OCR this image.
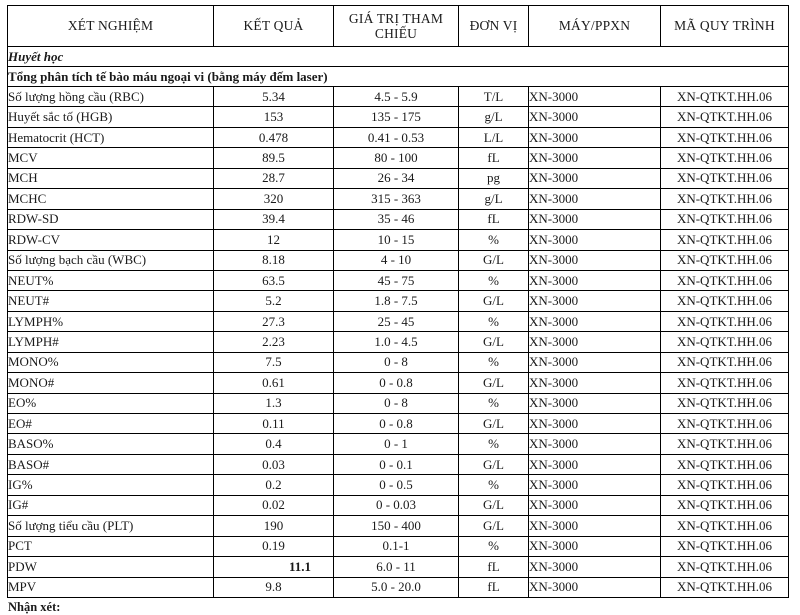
XÉT NGHIỆM	KẾT QUẢ	GIÁ TRỊ THAM CHIẾU	ĐƠN VỊ	MÁY/PPXN	MÃ QUY TRÌNH
Huyết học					
Tổng phân tích tế bào máu ngoại vi (bằng máy đếm laser)					
Số lượng hồng cầu (RBC)	5.34	4.5 - 5.9	T/L	XN-3000	XN-QTKT.HH.06
Huyết sắc tố (HGB)	153	135 - 175	g/L	XN-3000	XN-QTKT.HH.06
Hematocrit (HCT)	0.478	0.41 - 0.53	L/L	XN-3000	XN-QTKT.HH.06
MCV	89.5	80 - 100	fL	XN-3000	XN-QTKT.HH.06
MCH	28.7	26 - 34	pg	XN-3000	XN-QTKT.HH.06
MCHC	320	315 - 363	g/L	XN-3000	XN-QTKT.HH.06
RDW-SD	39.4	35 - 46	fL	XN-3000	XN-QTKT.HH.06
RDW-CV	12	10 - 15	%	XN-3000	XN-QTKT.HH.06
Số lượng bạch cầu (WBC)	8.18	4 - 10	G/L	XN-3000	XN-QTKT.HH.06
NEUT%	63.5	45 - 75	%	XN-3000	XN-QTKT.HH.06
NEUT#	5.2	1.8 - 7.5	G/L	XN-3000	XN-QTKT.HH.06
LYMPH%	27.3	25 - 45	%	XN-3000	XN-QTKT.HH.06
LYMPH#	2.23	1.0 - 4.5	G/L	XN-3000	XN-QTKT.HH.06
MONO%	7.5	0 - 8	%	XN-3000	XN-QTKT.HH.06
MONO#	0.61	0 - 0.8	G/L	XN-3000	XN-QTKT.HH.06
EO%	1.3	0 - 8	%	XN-3000	XN-QTKT.HH.06
EO#	0.11	0 - 0.8	G/L	XN-3000	XN-QTKT.HH.06
BASO%	0.4	0 - 1	%	XN-3000	XN-QTKT.HH.06
BASO#	0.03	0 - 0.1	G/L	XN-3000	XN-QTKT.HH.06
IG%	0.2	0 - 0.5	%	XN-3000	XN-QTKT.HH.06
IG#	0.02	0 - 0.03	G/L	XN-3000	XN-QTKT.HH.06
Số lượng tiểu cầu (PLT)	190	150 - 400	G/L	XN-3000	XN-QTKT.HH.06
PCT	0.19	0.1-1	%	XN-3000	XN-QTKT.HH.06
PDW	11.1	6.0 - 11	fL	XN-3000	XN-QTKT.HH.06
MPV	9.8	5.0 - 20.0	fL	XN-3000	XN-QTKT.HH.06
Nhận xét:
